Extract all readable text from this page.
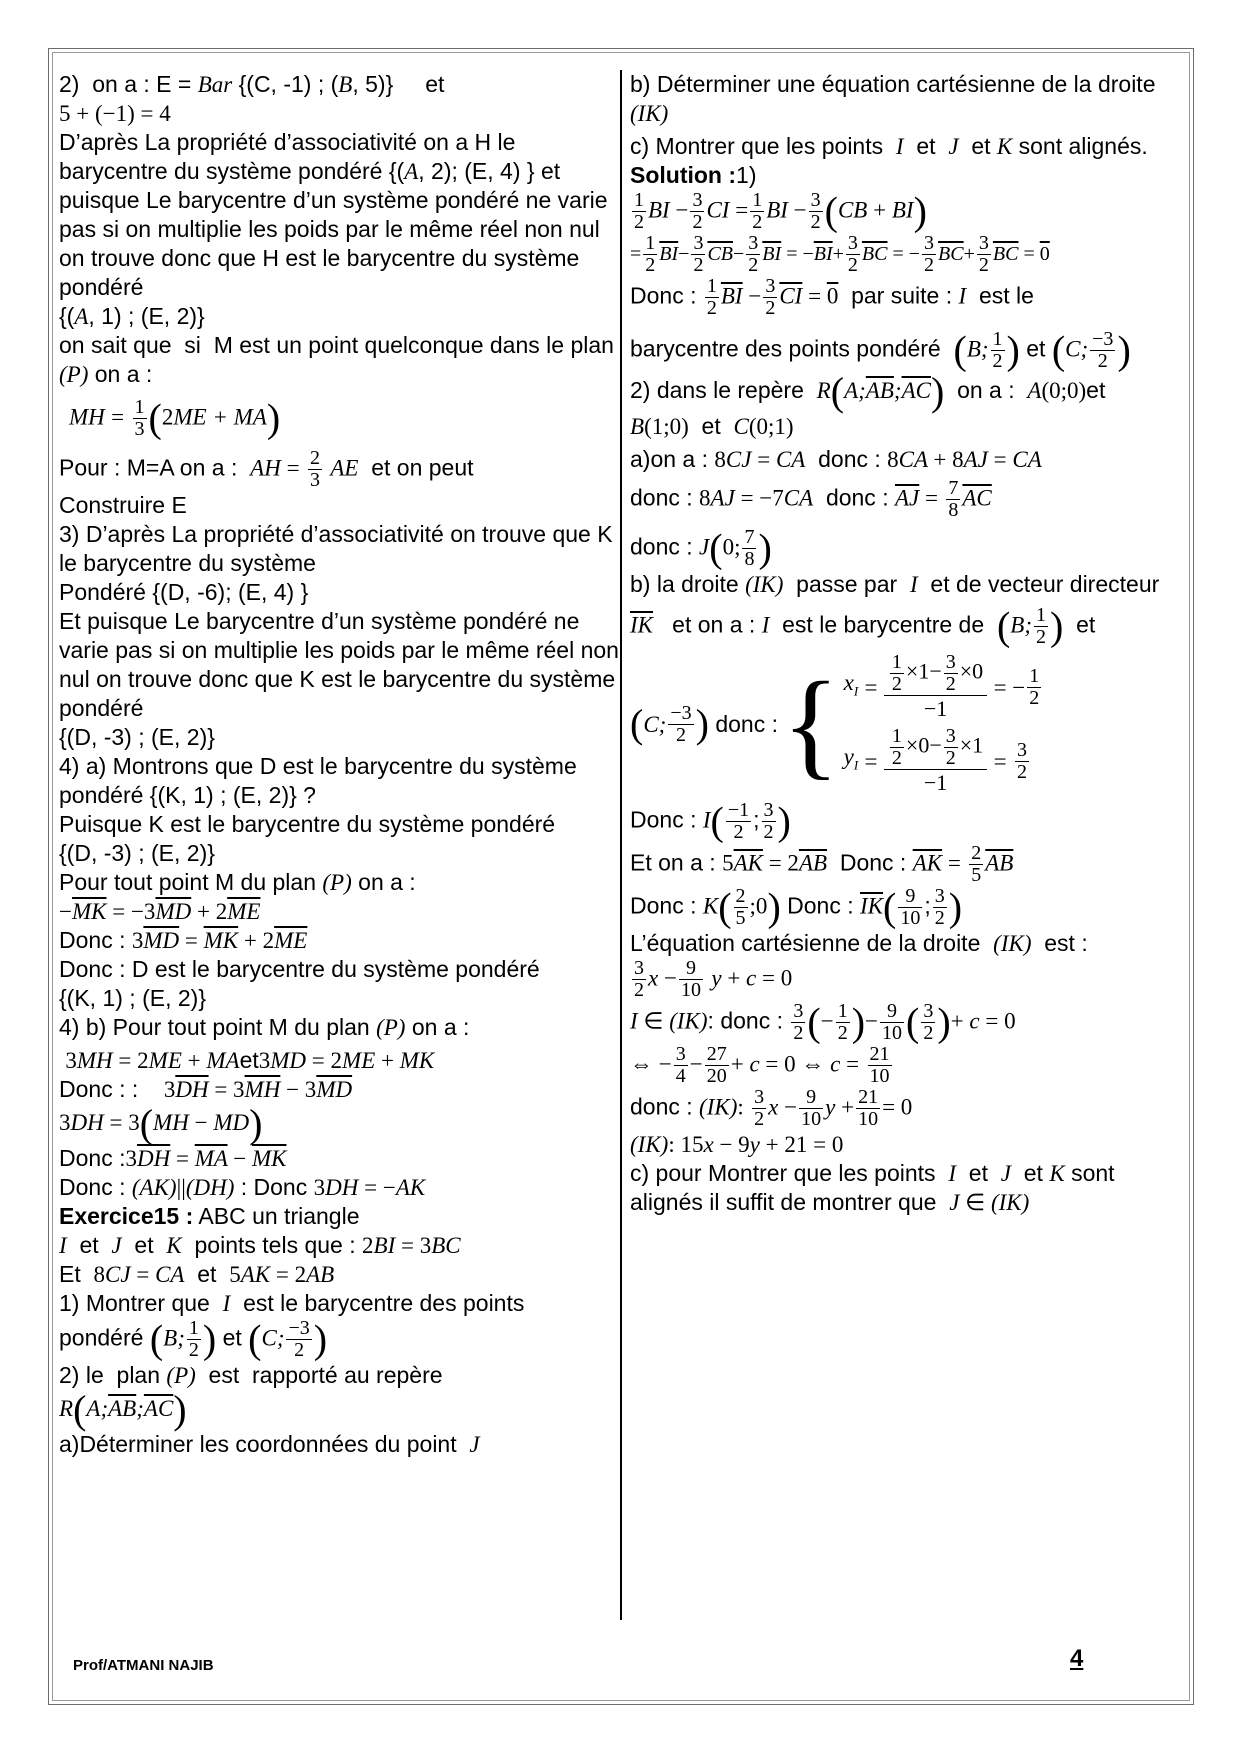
2)  on a : E = Bar {(C, -1) ; (B, 5)}     et
5 + (−1) = 4
D’après La propriété d’associativité on a H le barycentre du système pondéré {(A, 2); (E, 4) } et puisque Le barycentre d’un système pondéré ne varie pas si on multiplie les poids par le même réel non nul   on trouve donc que H est le barycentre du système pondéré
{(A, 1) ; (E, 2)}
on sait que  si  M est un point quelconque dans le plan (P) on a :
MH = $\frac{1}{3} (2ME + MA)$
Pour : M=A on a : AH = $\frac{2}{3}$ AE et on peut
Construire E
3) D’après La propriété d’associativité on trouve que K le barycentre du système
Pondéré {(D, -6); (E, 4) }
Et puisque Le barycentre d’un système pondéré ne varie pas si on multiplie les poids par le même réel non nul on trouve donc que K est le barycentre du système pondéré
{(D, -3) ; (E, 2)}
4) a) Montrons que D est le barycentre du système pondéré {(K, 1) ; (E, 2)} ?
Puisque K est le barycentre du système pondéré
{(D, -3) ; (E, 2)}
Pour tout point M du plan (P) on a :
$-\overline{MK} = -3\overline{MD} + 2\overline{ME}$
Donc : $3\overline{MD} = \overline{MK} + 2\overline{ME}$
Donc : D est le barycentre du système pondéré
{(K, 1) ; (E, 2)}
4) b) Pour tout point M du plan (P) on a :
3MH = 2ME + MAet3MD = 2ME + MK
Donc : : $3\overline{DH} = 3\overline{MH} - 3\overline{MD}$
3DH = 3(MH − MD)
Donc $:3\overline{DH} = \overline{MA} - \overline{MK}$
Donc : (AK)||(DH) : Donc 3DH = −AK
Exercice15 : ABC un triangle
I  et  J  et  K points tels que : 2BI = 3BC
Et 8CJ = CA et 5AK = 2AB
1) Montrer que I est le barycentre des points
pondéré (B; $\frac{1}{2}$ ) et (C; $\frac{-3}{2}$ )
2) le  plan (P)  est  rapporté au repère
$R(A;\overline{AB};\overline{AC})$
a)Déterminer les coordonnées du point J
b) Déterminer une équation cartésienne de la droite  (IK)
c) Montrer que les points I  et  J  et K sont alignés.
Solution :1)
$\frac{1}{2}$ BI − $\frac{3}{2}$ CI = $\frac{1}{2}$ BI − $\frac{3}{2} (CB + BI)$
= $\frac{1}{2} \overline{BI}- \frac{3}{2} \overline{CB}- \frac{3}{2} \overline{BI} = -\overline{BI}+ \frac{3}{2} \overline{BC}$ = − $\frac{3}{2} \overline{BC}+ \frac{3}{2} \overline{BC} = 0$
Donc : $\frac{1}{2} \overline{BI} - \frac{3}{2} \overline{CI} = 0$ par suite : I est le
barycentre des points pondéré (B; $\frac{1}{2}$ ) et (C; $\frac{-3}{2}$ )
2) dans le repère $R(A;\overline{AB};\overline{AC})$ on a : A(0;0)et
B(1;0)  et  C(0;1)
a)on a : 8CJ = CA donc : 8CA + 8AJ = CA
donc : 8AJ = −7CA donc : $\overline{AJ} = \frac{7}{8} \overline{AC}$
donc : J(0; $\frac{7}{8}$ )
b) la droite (IK) passe par I et de vecteur directeur
$\overline{IK}$ et on a : I est le barycentre de (B; $\frac{1}{2}$ )  et
( C; $\frac{-3}{2}$ )
donc : { $x_I$
=
$\frac{\frac{1}{2} \times 1- \frac{3}{2} \times 0}{-1}$
= − $\frac{1}{2}$
$y_I$
=
$\frac{\frac{1}{2} \times 0- \frac{3}{2} \times 1}{-1}$
=
$\frac{3}{2}$
Donc : $I( \frac{-1}{2}$ ; $\frac{3}{2}$ )
Et on a : $5\overline{AK} = 2\overline{AB}$ Donc : $\overline{AK} = \frac{2}{5} \overline{AB}$
Donc : $K( \frac{2}{5}$ ;0) Donc : $\overline{IK}( \frac{9}{10}$ ; $\frac{3}{2}$ )
L’équation cartésienne de la droite (IK) est :
$\frac{3}{2}$ $x - \frac{9}{10}$ y + c = 0
I ∈ (IK): donc : $\frac{3}{2}$ (− $\frac{1}{2}$ )− $\frac{9}{10}$ ( $\frac{3}{2}$ )+ c = 0
⇔ − $\frac{3}{4} - \frac{27}{20} + c = 0$ ⇔ $c = \frac{21}{10}$
donc : (IK): $\frac{3}{2}$ $x - \frac{9}{10}$ $y + \frac{21}{10} = 0$
(IK): 15x − 9y + 21 = 0
c) pour Montrer que les points I  et  J  et K sont alignés il suffit de montrer que J ∈ (IK)
Prof/ATMANI NAJIB	4
